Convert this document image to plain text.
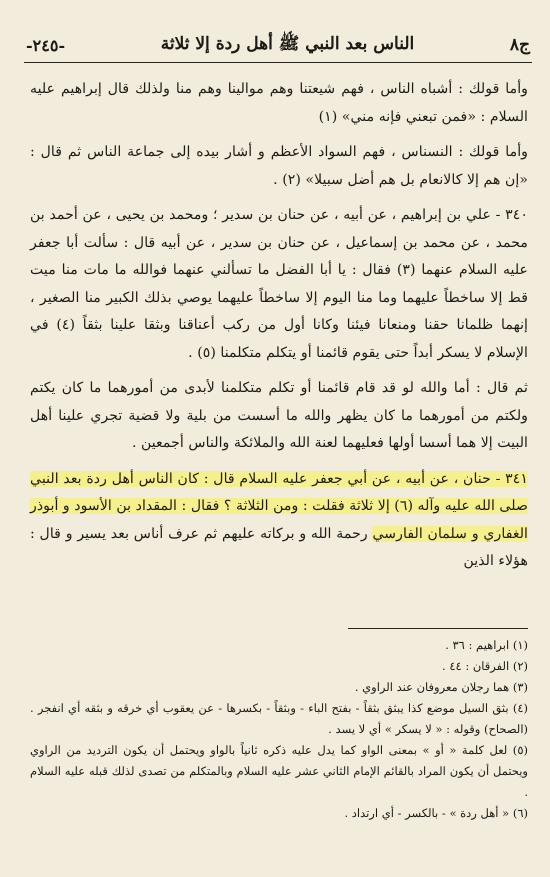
ج٨
الناس بعد النبي ﷺ أهل ردة إلا ثلاثة
-٢٤٥-

وأما قولك : أشباه الناس ، فهم شيعتنا وهم موالينا وهم منا ولذلك قال إبراهيم عليه السلام : «فمن تبعني فإنه مني» (١)

وأما قولك : النسناس ، فهم السواد الأعظم و أشار بيده إلى جماعة الناس ثم قال : «إن هم إلا كالانعام بل هم أضل سبيلا» (٢) .

٣٤٠ - علي بن إبراهيم ، عن أبيه ، عن حنان بن سدير ؛ ومحمد بن يحيى ، عن أحمد بن محمد ، عن محمد بن إسماعيل ، عن حنان بن سدير ، عن أبيه قال : سألت أبا جعفر عليه السلام عنهما (٣) فقال : يا أبا الفضل ما تسألني عنهما فوالله ما مات منا ميت قط إلا ساخطاً عليهما وما منا اليوم إلا ساخطاً عليهما يوصي بذلك الكبير منا الصغير ، إنهما ظلمانا حقنا ومنعانا فيئنا وكانا أول من ركب أعناقنا وبثقا علينا بثقاً (٤) في الإسلام لا يسكر أبداً حتى يقوم قائمنا أو يتكلم متكلمنا (٥) .

ثم قال : أما والله لو قد قام قائمنا أو تكلم متكلمنا لأبدى من أمورهما ما كان يكتم ولكتم من أمورهما ما كان يظهر والله ما أسست من بلية ولا قضية تجري علينا أهل البيت إلا هما أسسا أولها فعليهما لعنة الله والملائكة والناس أجمعين .

٣٤١ - حنان ، عن أبيه ، عن أبي جعفر عليه السلام قال : كان الناس أهل ردة بعد النبي صلى الله عليه وآله (٦) إلا ثلاثة فقلت : ومن الثلاثة ؟ فقال : المقداد بن الأسود و أبوذر الغفاري و سلمان الفارسي رحمة الله و بركاته عليهم ثم عرف أناس بعد يسير و قال : هؤلاء الذين

(١) ابراهيم : ٣٦ .

(٢) الفرقان : ٤٤ .

(٣) هما رجلان معروفان عند الراوي .

(٤) بثق السيل موضع كذا يبثق بثقاً - بفتح الباء - وبثقاً - بكسرها - عن يعقوب أي خرقه و بثقه أي انفجر . (الصحاح) وقوله : « لا يسكر » أي لا يسد .

(٥) لعل كلمة « أو » بمعنى الواو كما يدل عليه ذكره ثانياً بالواو ويحتمل أن يكون الترديد من الراوي ويحتمل أن يكون المراد بالقائم الإمام الثاني عشر عليه السلام وبالمتكلم من تصدى لذلك قبله عليه السلام .

(٦) « أهل ردة » - بالكسر - أي ارتداد .
